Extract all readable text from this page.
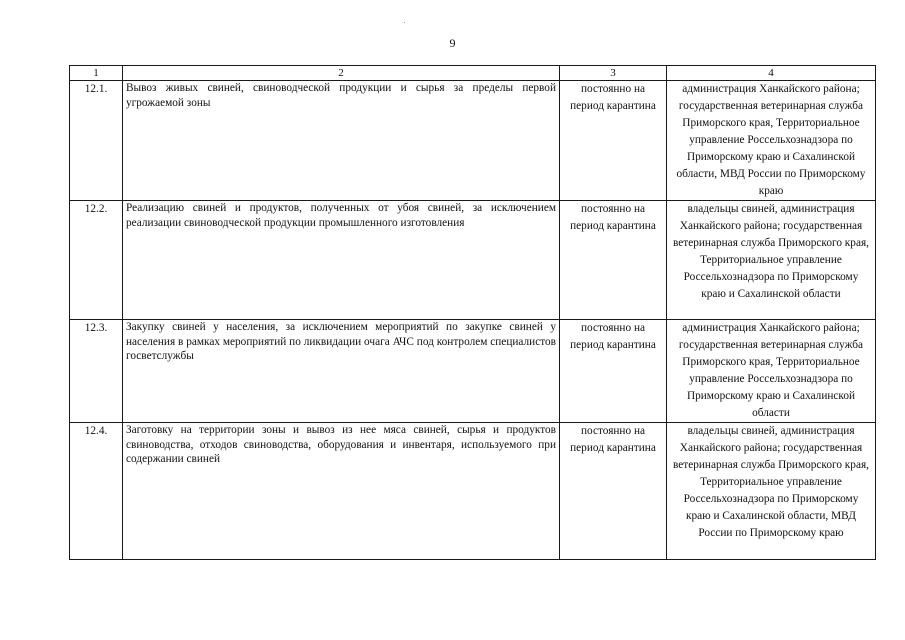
9
1	2	3	4
12.1.	Вывоз живых свиней, свиноводческой продукции и сырья за пределы первой угрожаемой зоны	постоянно на период карантина	администрация Ханкайского района; государственная ветеринарная служба Приморского края, Территориальное управление Россельхознадзора по Приморскому краю и Сахалинской области, МВД России по Приморскому краю
12.2.	Реализацию свиней и продуктов, полученных от убоя свиней, за исключением реализации свиноводческой продукции промышленного изготовления	постоянно на период карантина	владельцы свиней, администрация Ханкайского района; государственная ветеринарная служба Приморского края, Территориальное управление Россельхознадзора по Приморскому краю и Сахалинской области
12.3.	Закупку свиней у населения, за исключением мероприятий по закупке свиней у населения в рамках мероприятий по ликвидации очага АЧС под контролем специалистов госветслужбы	постоянно на период карантина	администрация Ханкайского района; государственная ветеринарная служба Приморского края, Территориальное управление Россельхознадзора по Приморскому краю и Сахалинской области
12.4.	Заготовку на территории зоны и вывоз из нее мяса свиней, сырья и продуктов свиноводства, отходов свиноводства, оборудования и инвентаря, используемого при содержании свиней	постоянно на период карантина	владельцы свиней, администрация Ханкайского района; государственная ветеринарная служба Приморского края, Территориальное управление Россельхознадзора по Приморскому краю и Сахалинской области, МВД России по Приморскому краю
